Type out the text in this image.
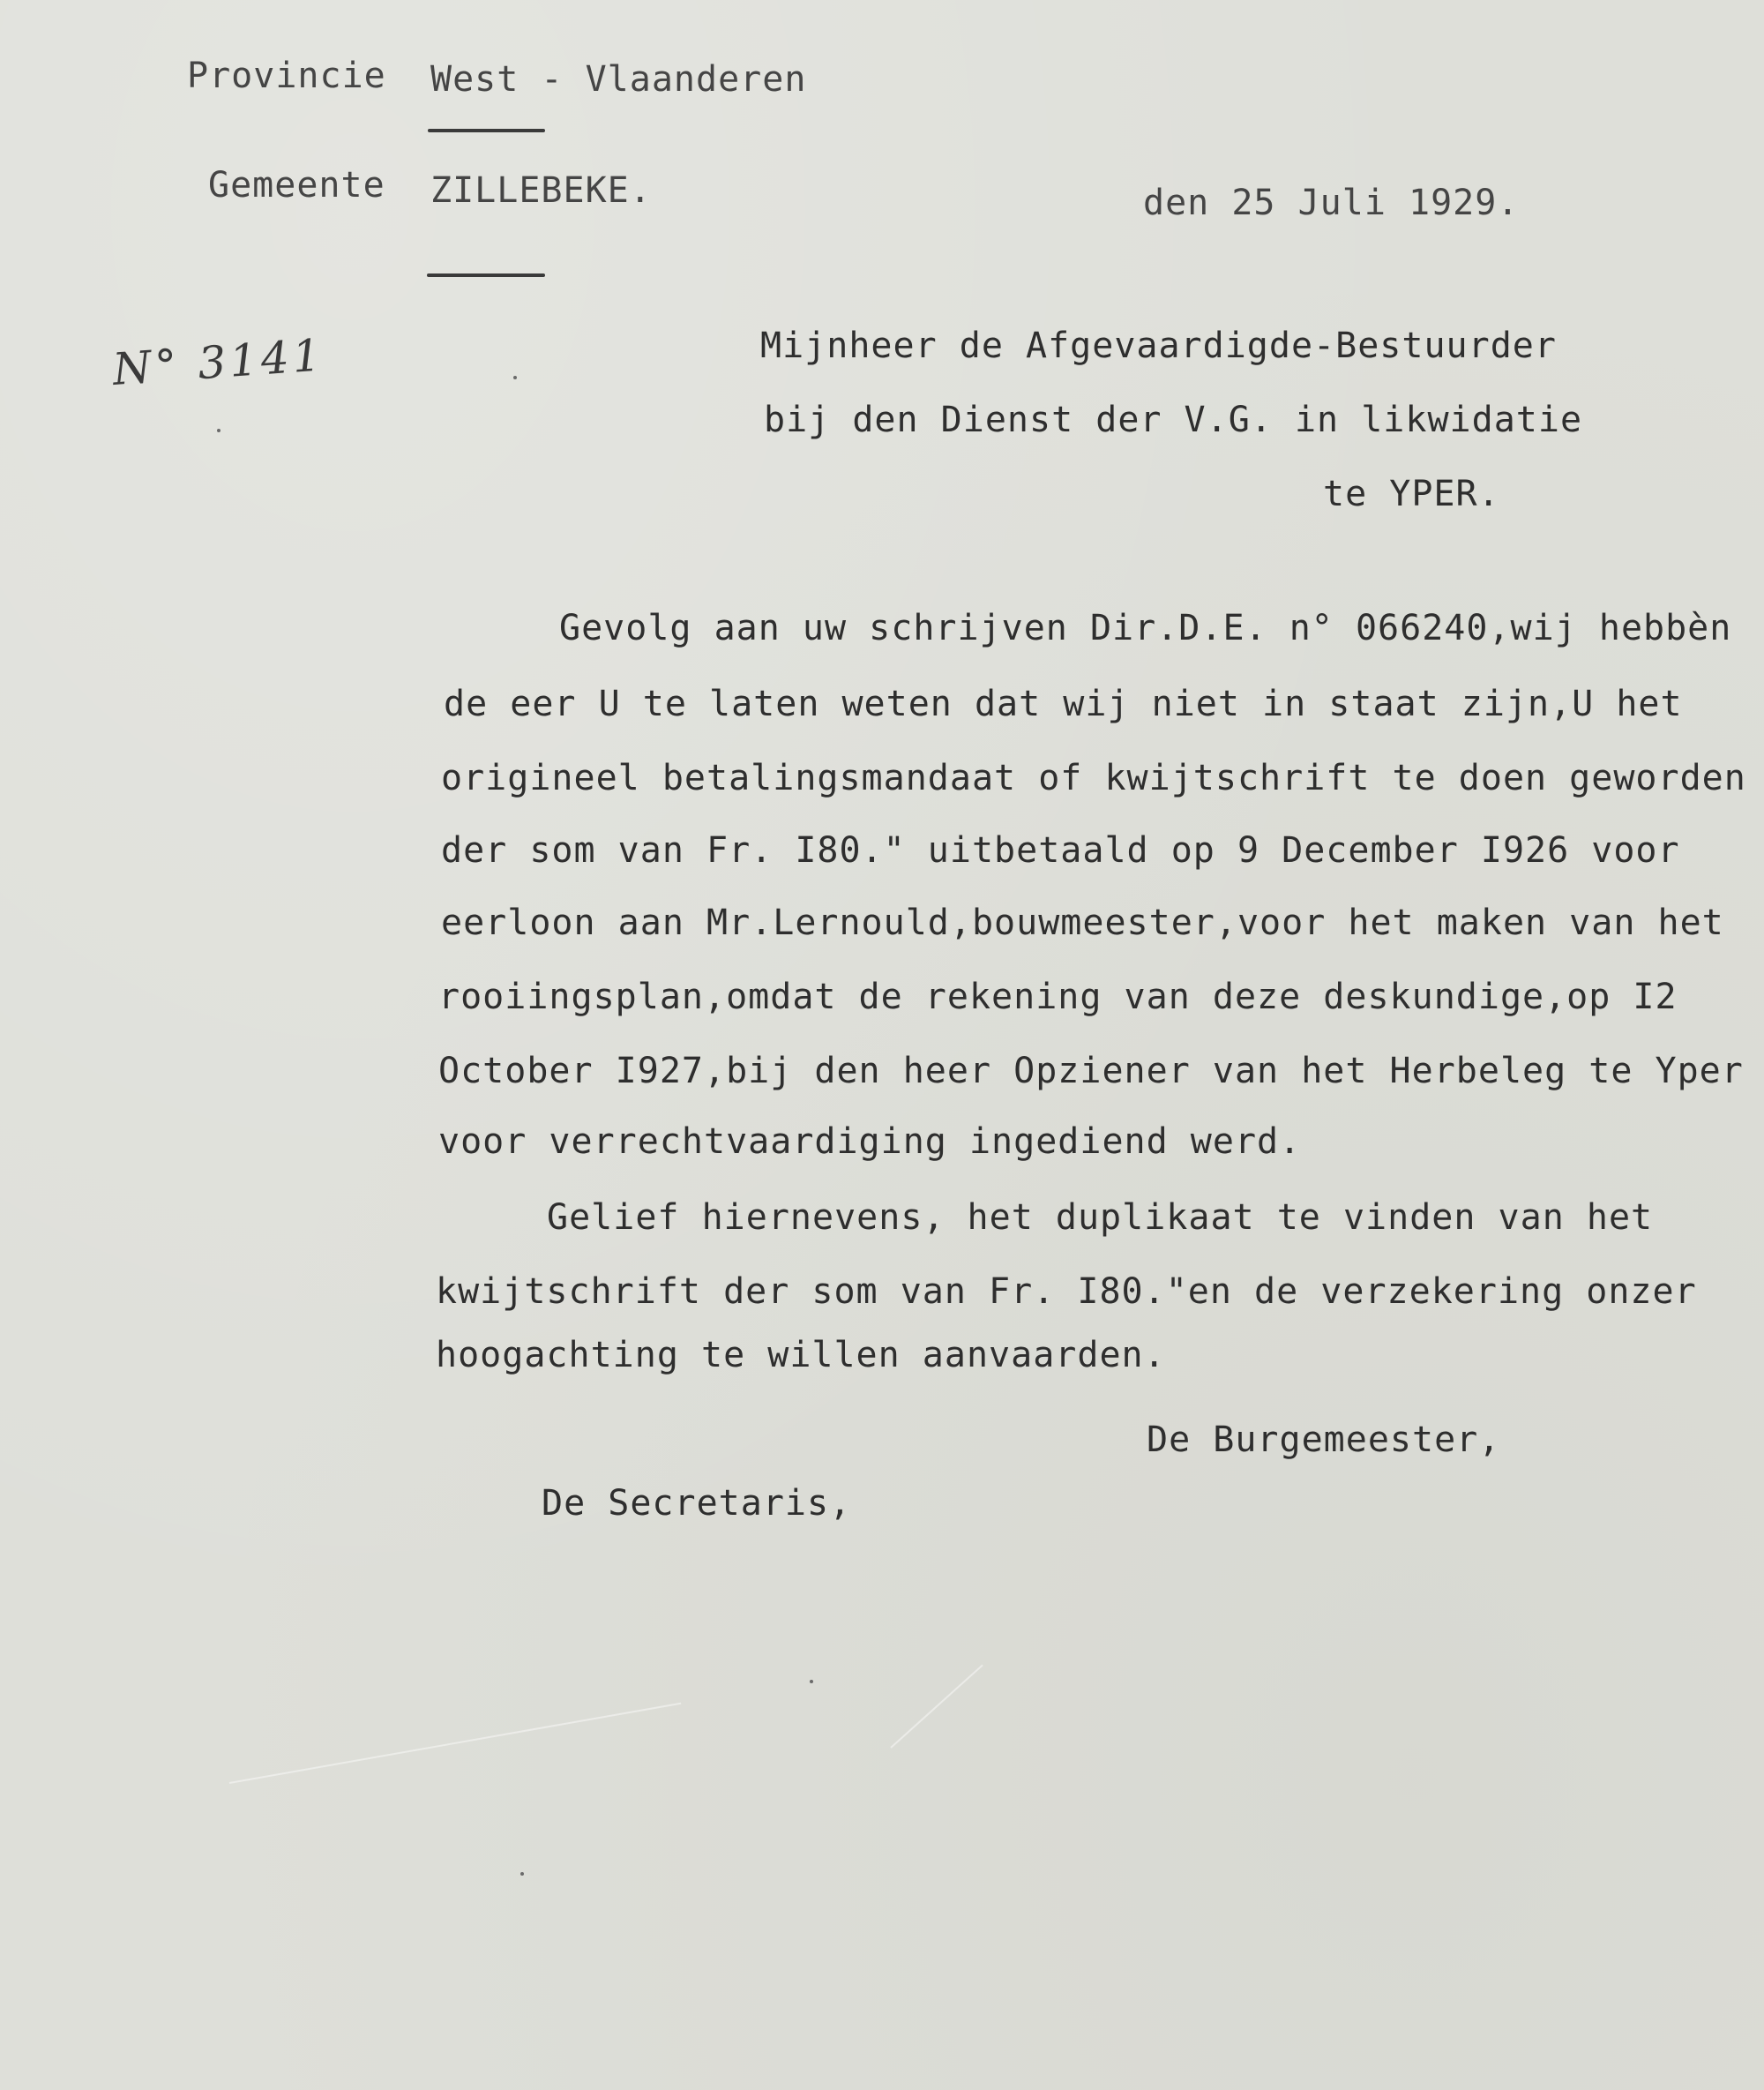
Provincie West - Vlaanderen
Gemeente ZILLEBEKE.	den 25 Juli 1929.
N° 3141	Mijnheer de Afgevaardigde-Bestuurder
bij den Dienst der V.G. in likwidatie
te YPER.
Gevolg aan uw schrijven Dir.D.E. n° 066240,wij hebbèn
de eer U te laten weten dat wij niet in staat zijn,U het
origineel betalingsmandaat of kwijtschrift te doen geworden
der som van Fr. I80." uitbetaald op 9 December I926 voor
eerloon aan Mr.Lernould,bouwmeester,voor het maken van het
rooiingsplan,omdat de rekening van deze deskundige,op I2
October I927,bij den heer Opziener van het Herbeleg te Yper
voor verrechtvaardiging ingediend werd.
Gelief hiernevens, het duplikaat te vinden van het
kwijtschrift der som van Fr. I80."en de verzekering onzer
hoogachting te willen aanvaarden.
De Burgemeester,
De Secretaris,
